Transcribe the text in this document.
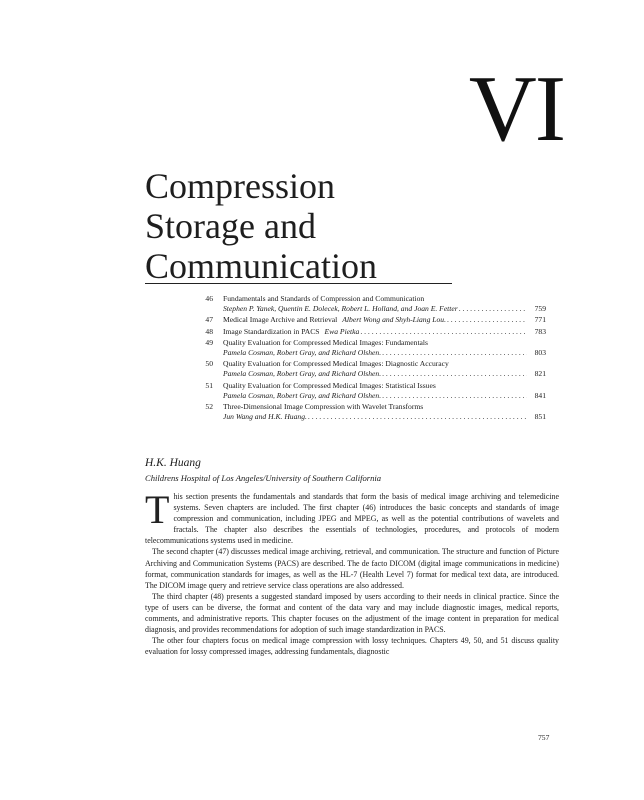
VI
Compression
Storage and
Communication
46 Fundamentals and Standards of Compression and Communication
Stephen P. Yanek, Quentin E. Dolecek, Robert L. Holland, and Joan E. Fetter . . .	759
47 Medical Image Archive and Retrieval Albert Wong and Shyh-Liang Lou. . . .	771
48 Image Standardization in PACS Ewa Pietka . . .	783
49 Quality Evaluation for Compressed Medical Images: Fundamentals
Pamela Cosman, Robert Gray, and Richard Olshen. . . .	803
50 Quality Evaluation for Compressed Medical Images: Diagnostic Accuracy
Pamela Cosman, Robert Gray, and Richard Olshen. . . .	821
51 Quality Evaluation for Compressed Medical Images: Statistical Issues
Pamela Cosman, Robert Gray, and Richard Olshen. . . .	841
52 Three-Dimensional Image Compression with Wavelet Transforms
Jun Wang and H.K. Huang. . . .	851

H.K. Huang

Childrens Hospital of Los Angeles/University of Southern California

This section presents the fundamentals and standards that form the basis of medical image archiving and telemedicine systems. Seven chapters are included. The first chapter (46) introduces the basic concepts and standards of image compression and communication, including JPEG and MPEG, as well as the potential contributions of wavelets and fractals. The chapter also describes the essentials of technologies, procedures, and protocols of modern telecommunications systems used in medicine.

The second chapter (47) discusses medical image archiving, retrieval, and communication. The structure and function of Picture Archiving and Communication Systems (PACS) are described. The de facto DICOM (digital image communications in medicine) format, communication standards for images, as well as the HL-7 (Health Level 7) format for medical text data, are introduced. The DICOM image query and retrieve service class operations are also addressed.

The third chapter (48) presents a suggested standard imposed by users according to their needs in clinical practice. Since the type of users can be diverse, the format and content of the data vary and may include diagnostic images, medical reports, comments, and administrative reports. This chapter focuses on the adjustment of the image content in preparation for medical diagnosis, and provides recommendations for adoption of such image standardization in PACS.

The other four chapters focus on medical image compression with lossy techniques. Chapters 49, 50, and 51 discuss quality evaluation for lossy compressed images, addressing fundamentals, diagnostic

757
